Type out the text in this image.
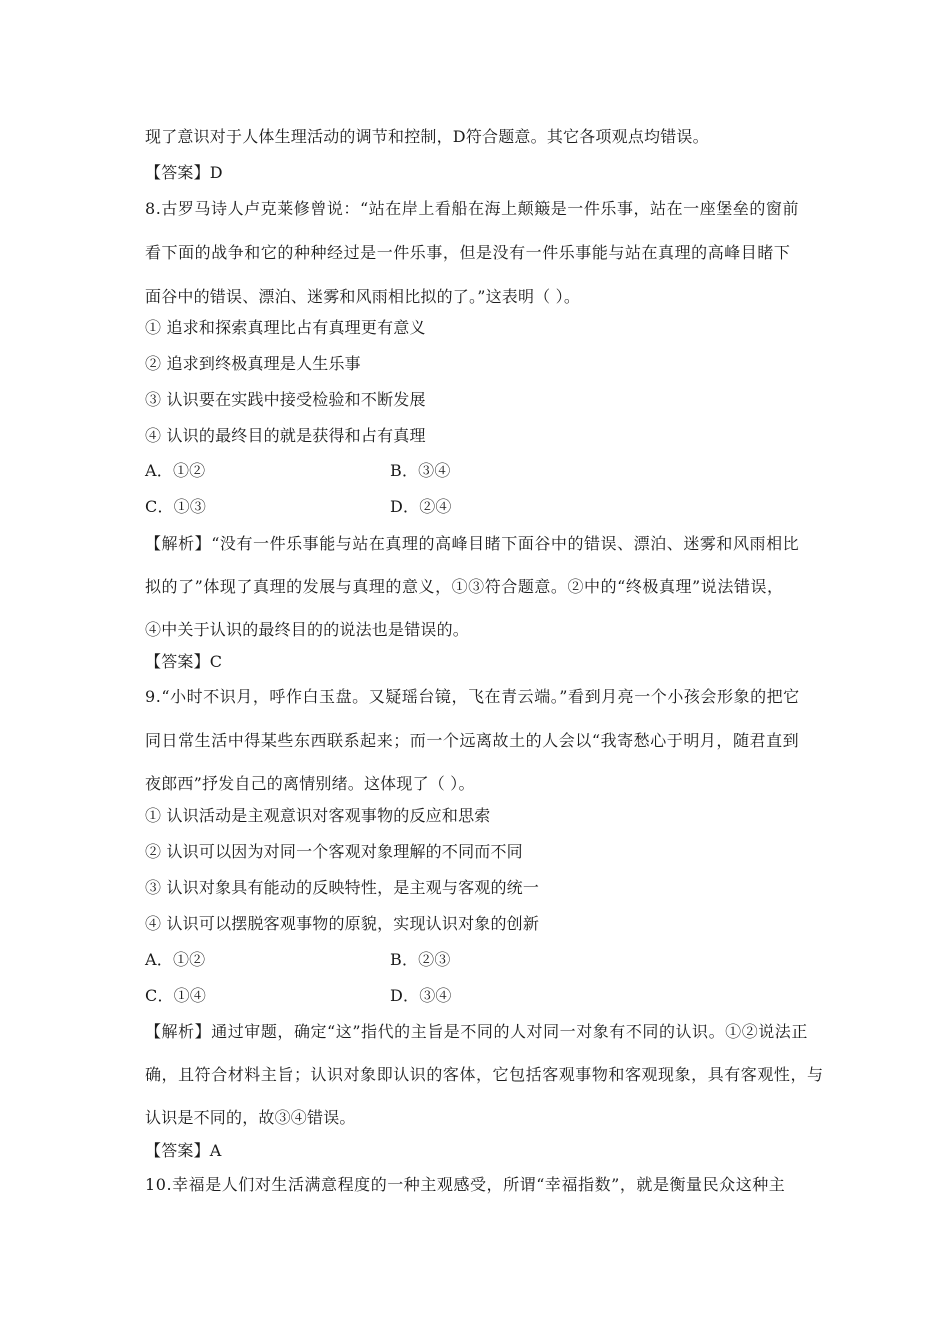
现了意识对于人体生理活动的调节和控制，D符合题意。其它各项观点均错误。
【答案】D
8.古罗马诗人卢克莱修曾说：“站在岸上看船在海上颠簸是一件乐事，站在一座堡垒的窗前
看下面的战争和它的种种经过是一件乐事，但是没有一件乐事能与站在真理的高峰目睹下
面谷中的错误、漂泊、迷雾和风雨相比拟的了。”这表明（ ）。
① 追求和探索真理比占有真理更有意义
② 追求到终极真理是人生乐事
③ 认识要在实践中接受检验和不断发展
④ 认识的最终目的就是获得和占有真理
A．①②	B．③④
C．①③	D．②④
【解析】“没有一件乐事能与站在真理的高峰目睹下面谷中的错误、漂泊、迷雾和风雨相比
拟的了”体现了真理的发展与真理的意义，①③符合题意。②中的“终极真理”说法错误，
④中关于认识的最终目的的说法也是错误的。
【答案】C
9.“小时不识月，呼作白玉盘。又疑瑶台镜，飞在青云端。”看到月亮一个小孩会形象的把它
同日常生活中得某些东西联系起来；而一个远离故土的人会以“我寄愁心于明月，随君直到
夜郎西”抒发自己的离情别绪。这体现了（ ）。
① 认识活动是主观意识对客观事物的反应和思索
② 认识可以因为对同一个客观对象理解的不同而不同
③ 认识对象具有能动的反映特性，是主观与客观的统一
④ 认识可以摆脱客观事物的原貌，实现认识对象的创新
A．①②	B．②③
C．①④	D．③④
【解析】通过审题，确定“这”指代的主旨是不同的人对同一对象有不同的认识。①②说法正
确，且符合材料主旨；认识对象即认识的客体，它包括客观事物和客观现象，具有客观性，与
认识是不同的，故③④错误。
【答案】A
10.幸福是人们对生活满意程度的一种主观感受，所谓“幸福指数”，就是衡量民众这种主
